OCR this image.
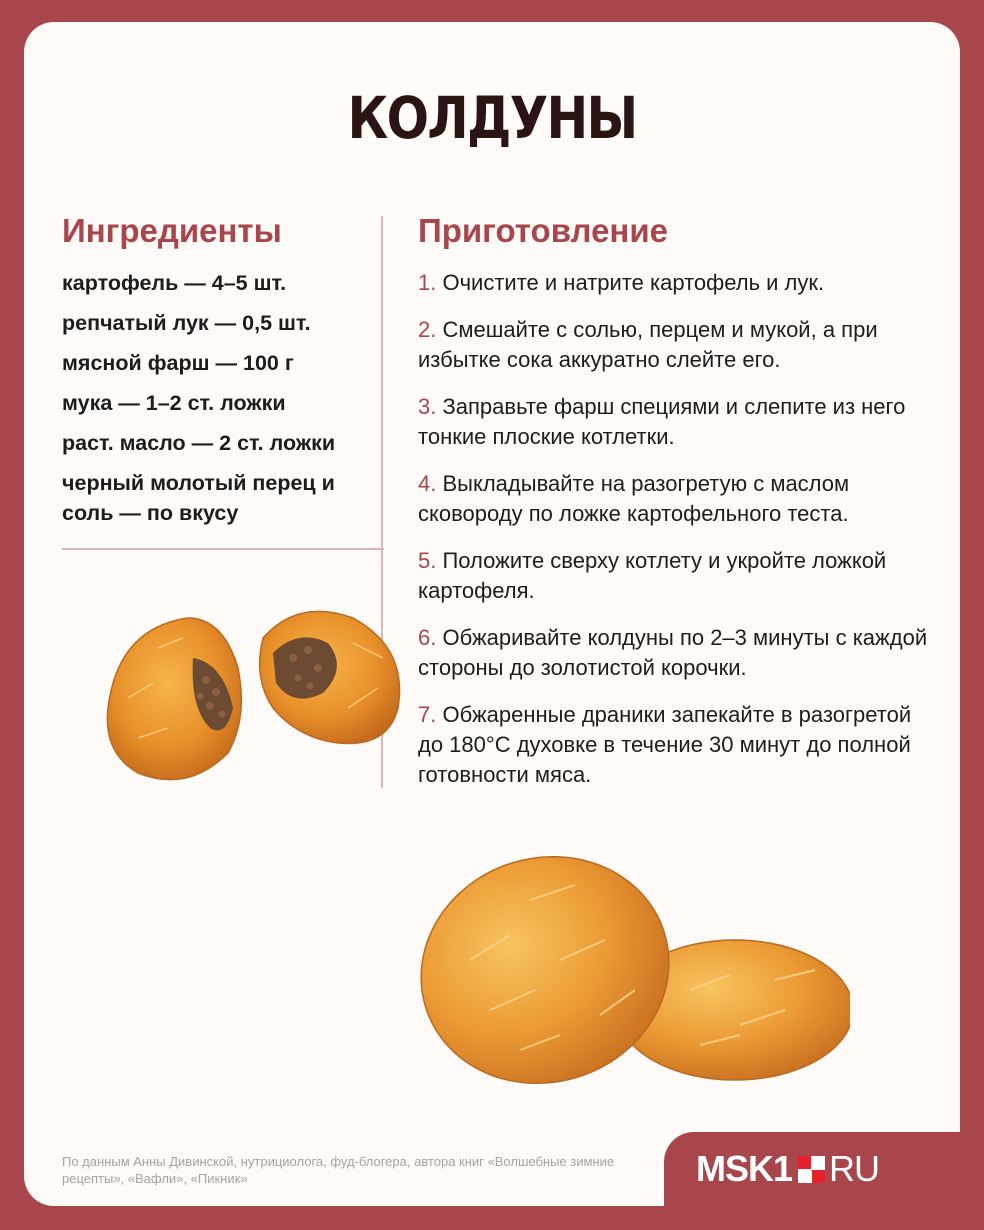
КОЛДУНЫ
Ингредиенты	Приготовление
картофель — 4–5 шт.
репчатый лук — 0,5 шт.
мясной фарш — 100 г
мука — 1–2 ст. ложки
раст. масло — 2 ст. ложки
черный молотый перец и соль — по вкусу
1. Очистите и натрите картофель и лук.
2. Смешайте с солью, перцем и мукой, а при избытке сока аккуратно слейте его.
3. Заправьте фарш специями и слепите из него тонкие плоские котлетки.
4. Выкладывайте на разогретую с маслом сковороду по ложке картофельного теста.
5. Положите сверху котлету и укройте ложкой картофеля.
6. Обжаривайте колдуны по 2–3 минуты с каждой стороны до золотистой корочки.
7. Обжаренные драники запекайте в разогретой до 180°C духовке в течение 30 минут до полной готовности мяса.
По данным Анны Дивинской, нутрициолога, фуд-блогера, автора книг «Волшебные зимние рецепты», «Вафли», «Пикник»	MSK1 RU
